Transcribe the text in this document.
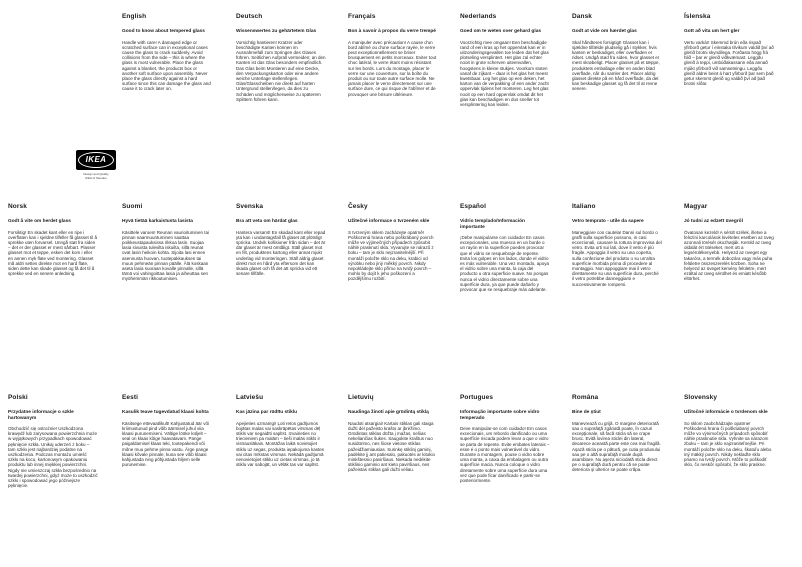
English
Good to know about tempered glass
Handle with care! A damaged edge or scratched surface can in exceptional cases cause the glass to crack suddenly. Avoid collisions from the side – this is where the glass is most vulnerable. Place the glass against a blanket, the products box or another soft surface upon assembly. Never place the glass directly against a hard surface since this can damage the glass and cause it to crack later on.
Deutsch
Wissenswertes zu gehärtetem Glas
Vorsichtig hantieren! Kratzer oder beschädigte Kanten können im Ausnahmefall zum Springen des Glases führen. Seitlichen Aufprall vermeiden; an den Kanten ist das Glas besonders empfindlich. Das Glas beim Montieren auf eine Decke, den Verpackungskarton oder eine andere weiche Unterlage stellen/legen. Glas/Glasscheiben nie direkt auf harten Untergrund stellen/legen, da dies zu Schäden und möglicherweise zu späterem Splittern führen kann.
Français
Bon à savoir à propos du verre trempé
A manipuler avec précaution! A cause d'un bord abîmé ou d'une surface rayée, le verre peut exceptionnellement se briser brusquement en petits morceaux. Eviter tout choc latéral, le verre étant moins résistant sur les bords. Lors du montage, placer le verre sur une couverture, sur la boîte du produit ou sur toute autre surface molle. Ne jamais placer le verre directement sur une surface dure, ce qui risque de l'abîmer et de provoquer une brisure ultérieure.
Nederlands
Goed om te weten over gehard glas
Voorzichtig mee omgaan! Een beschadigde rand of een kras op het oppervlak kan er in uitzonderingsgevallen toe leiden dat het glas plotseling versplintert. Het glas zal echter nooit in grote scherven uiteenvallen, hoogstens in kleine stukjes. Voorkom stoten vanaf de zijkant – daar is het glas het meest kwetsbaar. Leg het glas op een deken, het karton van de verpakking of een ander zacht oppervlak tijdens het monteren. Leg het glas nooit op een hard oppervlak omdat dit het glas kan beschadigen en dus sneller tot versplintering kan leiden.
Dansk
Godt at vide om hærdet glas
Skal håndteres forsigtigt! Glasset kan i sjældne tilfælde pludselig gå i stykker, hvis kanten er beskadiget, eller overfladen er ridset. Undgå stød fra siden, hvor glasset er mest skrøbeligt. Placer glasset på et tæppe, produktets emballage eller en anden blød overflade, når du samler det. Placer aldrig glasset direkte på en hård overflade, da det kan beskadige glasset og få det til at revne senere.
Íslenska
Gott að vita um hert gler
Vertu varkár! Skemmd brún eða rispað yfirborð getur í einstaka tilvikum valdið því að glerið brotni skyndilega. Forðastu högg frá hlið – þar er glerið viðkvæmast. Leggðu glerið á teppi, umbúðakassann eða annað mjúkt yfirborð við samsetningu. Leggðu glerið aldrei beint á hart yfirborð þar sem það getur skemmt glerið og valdið því að það brotni síðar.
IKEA
Design and Quality
IKEA of Sweden
Norsk
Godt å vite om herdet glass
Forsiktig! En skadet kant eller en ripe i overflaten kan i sjeldne tilfeller få glasset til å sprekke uten forvarsel. Unngå støt fra siden – det er der glasset er mest sårbart. Plasser glasset mot et teppe, esken det kom i eller en annen myk flate ved montering. Glasset må aldri settes direkte mot en hard flate, siden dette kan skade glasset og få det til å sprekke ved en senere anledning.
Suomi
Hyvä tietää karkaistusta lasista
Käsittele varoen! Reunan vaurioituminen tai pinnan naarmuuntuminen saattaa poikkeustapauksissa rikkoa lasin. Suojaa lasia sivuista tulevilta iskuilta, sillä reunat ovat lasin heikoin kohta. Sijoita lasi ennen asennusta huovan, tuotepakkauksen tai muun pehmeän pinnan päälle. Älä koskaan aseta lasia suoraan kovalle pinnalle, sillä tämä voi vahingoittaa lasia ja aiheuttaa sen myöhemmän rikkoutumisen.
Svenska
Bra att veta om härdat glas
Hantera varsamt! En skadad kant eller repad yta kan i undantagsfall få glaset att plötsligt spricka. Undvik kollisioner från sidan – det är där glaset är mest ömtåligt. Ställ glaset mot en filt, produktens kartong eller annat mjukt underlag vid monteringen. Ställ aldrig glaset direkt mot en hård yta eftersom det kan skada glaset och få det att spricka vid ett senare tillfälle.
Česky
Užitečné informace o tvrzeném skle
S tvrzeným sklem zacházejte opatrně! Poškozená hrana nebo poškrábaný povrch může ve výjimečných případech způsobit náhlé prasknutí skla. Vyvarujte se nárazů z boku – tam je sklo nejzranitelnější. Při montáži položte sklo na deku, krabici od výrobku nebo jiný měkký povrch. Nikdy nepokládejte sklo přímo na tvrdý povrch – mohlo by dojít k jeho poškození a pozdějšímu rozbití.
Español
Vidrio templado/Información importante
¡Debe manipularse con cuidado! En casos excepcionales, una muesca en un borde o un rayón en la superficie pueden provocar que el vidrio se resquebraje de repente. Evita los golpes en los lados, donde el vidrio es más vulnerable. Una vez montado, apoya el vidrio sobre una manta, la caja del producto u otra superficie suave. No pongas nunca el vidrio directamente sobre una superficie dura, ya que puede dañarlo y provocar que se resquebraje más adelante.
Italiano
Vetro temprato - utile da sapere
Maneggiare con cautela! Danni sul bordo o graffi sulla superficie possono, in casi eccezionali, causare la rottura improvvisa del vetro. Evita urti sui lati, dove il vetro è più fragile. Appoggia il vetro su una coperta, sulla confezione del prodotto o su un'altra superficie morbida prima di procedere al montaggio. Non appoggiare mai il vetro direttamente su una superficie dura, perché il vetro potrebbe danneggiarsi e successivamente rompersi.
Magyar
Jó tudni az edzett üvegről
Óvatosan kezeld! A sérült szélek, illetve a felszíni karcolások kivételes esetben az üveg azonnali törését okozhatják. Kerüld az üveg oldalát ért ütéseket, mert ott a legsérülékenyebb. Helyezd az üveget egy takaróra, a termék dobozára vagy más puha felületre összeszerelés közben. Soha ne helyezd az üveget kemény felületre, mert ezáltal az üveg sérülhet és emiatt később eltörhet.
Polski
Przydatne informacje o szkle hartowanym
Obchodzić się ostrożnie! Uszkodzona krawędź lub zarysowana powierzchnia może w wyjątkowych przypadkach spowodować pęknięcie szkła. Unikaj uderzeń z boku – tam szkło jest najbardziej podatne na uszkodzenia. Podczas montażu umieść szkło na kocu, kartonowym opakowaniu produktu lub innej miękkiej powierzchni. Nigdy nie umieszczaj szkła bezpośrednio na twardej powierzchni, gdyż może to uszkodzić szkło i spowodować jego późniejsze pęknięcie.
Eesti
Kasulik teave tugevdatud klaasi kohta
Käsitsege ettevaatlikult! Kahjustatud äär või kriimustunud pind võib äärmisel juhul viia klaasi purunemiseni. Vältige lööke küljelt – seal on klaas kõige haavatavam. Pange paigaldamisel klaas teki, tootepakendi või mõne muu pehme pinna vastu. Ärge pange klaasi kõvale pinnale, kuna see võib klaasi kahjustada ning põhjustada hiljem selle purunemise.
Latviešu
Kas jāzina par rūdītu stiklu
Apejieties uzmanīgi! Ļoti retos gadījumos bojātas malas vai saskrāpētas virsmas dēļ stikls var negaidīti saplīst. Izvairieties no triecieniem pa malām – tieši malās stikls ir vistrauslākais. Montāžas laikā novietojiet stiklu uz segas, produkta iepakojuma kastes vai citas mīkstas virsmas. Nekādā gadījumā nenovietojiet stiklu uz cietas virsmas, jo tā stiklu var sabojāt, un vēlāk tas var saplīst.
Lietuvių
Naudinga žinoti apie grūdintą stiklą
Naudoti atsargiai! Kartais stiklas gali staiga dužti dėl pažeisto krašto ar įbrėžimo. Grūdintas stiklas dūžta į mažas, nešias nekeliančias šukes. Saugokite kraštus nuo susidūrimo, nes šiose vietose stiklas pažeidžiamiausias. Surinkę stiklinį gaminį, padėkite jį ant patiesalo, pakuotės ar kitokio minkštesnio paviršiaus. Niekada nedėkite stiklinio gaminio ant kieto paviršiaus, nes pažeistas stiklas gali dužti vėliau.
Portugues
Informação importante sobre vidro temperado
Deve manipular-se com cuidado! Em casos excecionais, um rebordo danificado ou uma superfície riscada podem levar a que o vidro se parta de repente. Evite embates laterais – esse é o ponto mais vulnerável do vidro. Durante a montagem, pouse o vidro sobre uma manta, a caixa da embalagem ou outra superfície macia. Nunca coloque o vidro diretamente sobre uma superfície dura uma vez que pode ficar danificado e partir-se posteriormente.
Româna
Bine de ştiut
Manevrează cu grijă. O margine deteriorată sau o suprafaţă zgâriată poate, în cazuri excepţionale, să facă sticla să se crape brusc. Evită lovirea sticlei din lateral, deoarece această parte este cea mai fragilă. Aşază sticla pe o pătură, pe cutia produsului sau pe o altă suprafaţă moale după asamblare. Nu aşeza niciodată sticla direct pe o suprafaţă dură pentru că se poate deteriora şi ulterior se poate crăpa.
Slovensky
Užitočné informácie o tvrdenom skle
So sklom zaobchádzajte opatrne! Poškodená hrana či poškriabaný povrch môže vo výnimočných prípadoch spôsobiť náhle prasknutie skla. Vyhnite sa nárazom zboku – tam je sklo najzraniteľnejšie. Pri montáži položte sklo na deku, škatuľu alebo iný mäkký povrch. Nikdy neklaďte sklo priamo na tvrdý povrch. Môže to poškodiť sklo, čo neskôr spôsobí, že sklo praskne.
